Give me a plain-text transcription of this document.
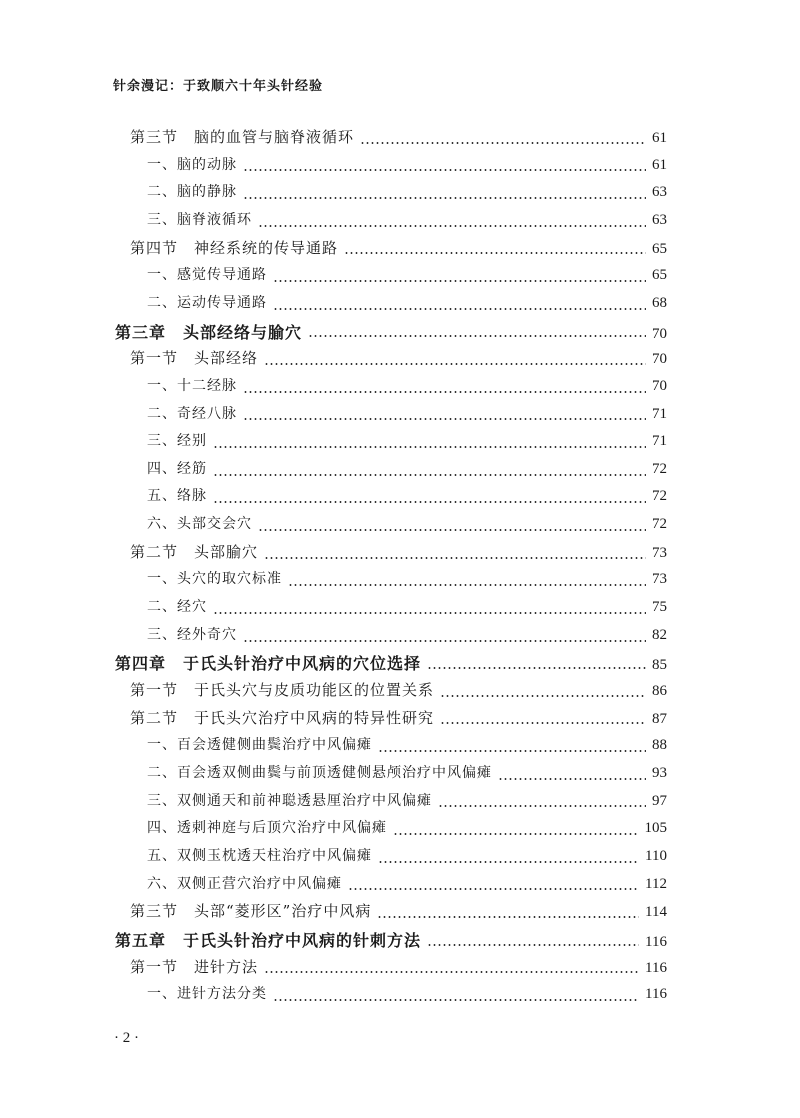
针余漫记：于致顺六十年头针经验
第三节　脑的血管与脑脊液循环	61
一、脑的动脉	61
二、脑的静脉	63
三、脑脊液循环	63
第四节　神经系统的传导通路	65
一、感觉传导通路	65
二、运动传导通路	68
第三章　头部经络与腧穴	70
第一节　头部经络	70
一、十二经脉	70
二、奇经八脉	71
三、经别	71
四、经筋	72
五、络脉	72
六、头部交会穴	72
第二节　头部腧穴	73
一、头穴的取穴标准	73
二、经穴	75
三、经外奇穴	82
第四章　于氏头针治疗中风病的穴位选择	85
第一节　于氏头穴与皮质功能区的位置关系	86
第二节　于氏头穴治疗中风病的特异性研究	87
一、百会透健侧曲鬓治疗中风偏瘫	88
二、百会透双侧曲鬓与前顶透健侧悬颅治疗中风偏瘫	93
三、双侧通天和前神聪透悬厘治疗中风偏瘫	97
四、透刺神庭与后顶穴治疗中风偏瘫	105
五、双侧玉枕透天柱治疗中风偏瘫	110
六、双侧正营穴治疗中风偏瘫	112
第三节　头部“菱形区”治疗中风病	114
第五章　于氏头针治疗中风病的针刺方法	116
第一节　进针方法	116
一、进针方法分类	116
· 2 ·
